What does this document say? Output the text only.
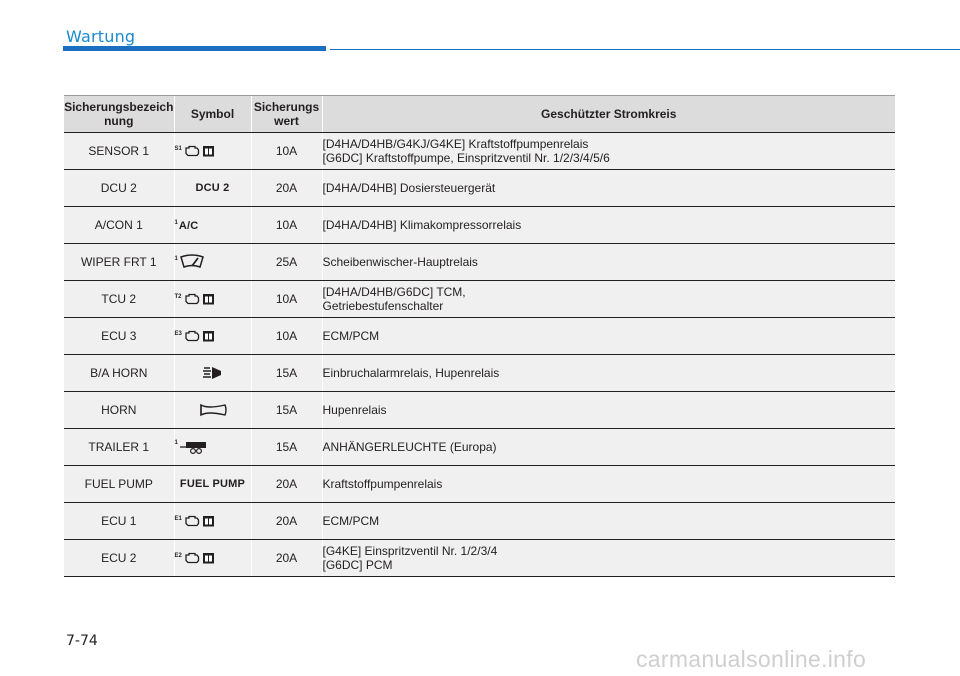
Wartung
Sicherungsbezeichnung	Symbol	Sicherungswert	Geschützter Stromkreis
SENSOR 1	$^{S1}$	10A	[D4HA/D4HB/G4KJ/G4KE] Kraftstoffpumpenrelais
[G6DC] Kraftstoffpumpe, Einspritzventil Nr. 1/2/3/4/5/6

DCU 2	DCU 2	20A	[D4HA/D4HB] Dosiersteuergerät

A/CON 1	$^1$A/C	10A	[D4HA/D4HB] Klimakompressorrelais

WIPER FRT 1	$^1$	25A	Scheibenwischer-Hauptrelais

TCU 2	$^{T2}$	10A	[D4HA/D4HB/G6DC] TCM,
Getriebestufenschalter

ECU 3	$^{E3}$	10A	ECM/PCM

B/A HORN		15A	Einbruchalarmrelais, Hupenrelais

HORN		15A	Hupenrelais

TRAILER 1	$^1$	15A	ANHÄNGERLEUCHTE (Europa)

FUEL PUMP	FUEL PUMP	20A	Kraftstoffpumpenrelais

ECU 1	$^{E1}$	20A	ECM/PCM

ECU 2	$^{E2}$	20A	[G4KE] Einspritzventil Nr. 1/2/3/4
[G6DC] PCM
7-74
carmanualsonline.info
